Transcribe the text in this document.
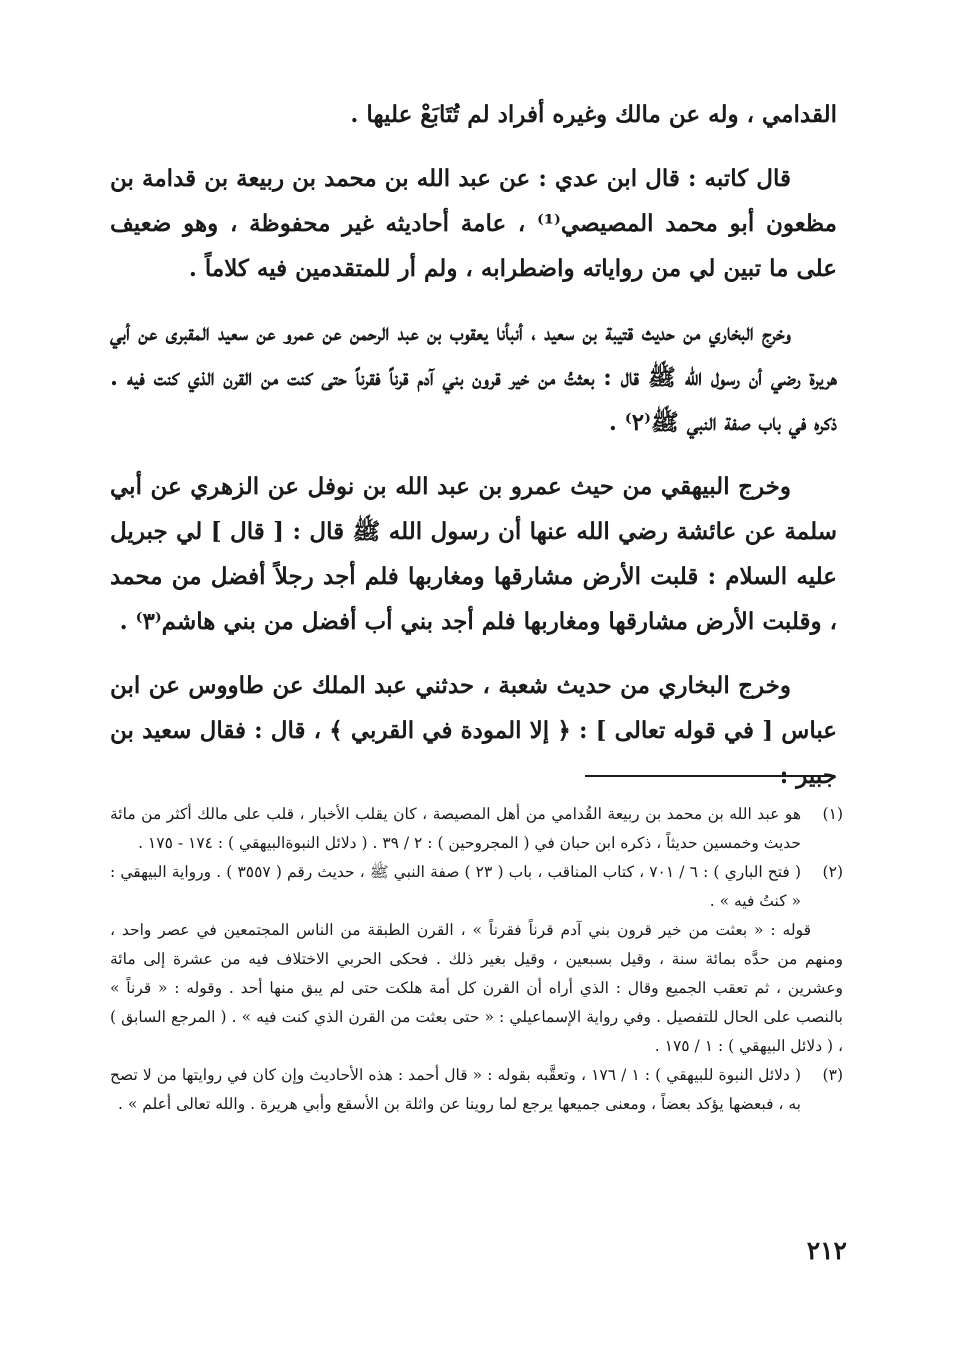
القدامي ، وله عن مالك وغيره أفراد لم تُتَابَعْ عليها .

قال كاتبه : قال ابن عدي : عن عبد الله بن محمد بن ربيعة بن قدامة بن مظعون أبو محمد المصيصي⁽¹⁾ ، عامة أحاديثه غير محفوظة ، وهو ضعيف على ما تبين لي من رواياته واضطرابه ، ولم أر للمتقدمين فيه كلاماً .

وخرج البخاري من حديث قتيبة بن سعيد ، أنبأنا يعقوب بن عبد الرحمن عن عمرو عن سعيد المقبرى عن أبي هريرة رضي أن رسول الله ﷺ قال : بعثتُ من خير قرون بني آدم قرناً فقرناً حتى كنت من القرن الذي كنت فيه . ذكره في باب صفة النبي ﷺ⁽٢⁾ .

وخرج البيهقي من حيث عمرو بن عبد الله بن نوفل عن الزهري عن أبي سلمة عن عائشة رضي الله عنها أن رسول الله ﷺ قال : [ قال ] لي جبريل عليه السلام : قلبت الأرض مشارقها ومغاربها فلم أجد رجلاً أفضل من محمد ، وقلبت الأرض مشارقها ومغاربها فلم أجد بني أب أفضل من بني هاشم⁽٣⁾ .

وخرج البخاري من حديث شعبة ، حدثني عبد الملك عن طاووس عن ابن عباس [ في قوله تعالى ] : ﴿ إلا المودة في القربي ﴾ ، قال : فقال سعيد بن جبير :

(١)

هو عبد الله بن محمد بن ربيعة القُدامي من أهل المصيصة ، كان يقلب الأخبار ، قلب على مالك أكثر من مائة حديث وخمسين حديثاً ، ذكره ابن حبان في ( المجروحين ) : ٢ / ٣٩ . ( دلائل النبوةالبيهقي ) : ١٧٤ - ١٧٥ .

(٢)

( فتح الباري ) : ٦ / ٧٠١ ، كتاب المناقب ، باب ( ٢٣ ) صفة النبي ﷺ ، حديث رقم ( ٣٥٥٧ ) . ورواية البيهقي : « كنتُ فيه » .

قوله : « بعثت من خير قرون بني آدم قرناً فقرناً » ، القرن الطبقة من الناس المجتمعين في عصر واحد ، ومنهم من حدَّه بمائة سنة ، وقيل بسبعين ، وقيل بغير ذلك . فحكى الحربي الاختلاف فيه من عشرة إلى مائة وعشرين ، ثم تعقب الجميع وقال : الذي أراه أن القرن كل أمة هلكت حتى لم يبق منها أحد . وقوله : « قرناً » بالنصب على الحال للتفصيل . وفي رواية الإسماعيلي : « حتى بعثت من القرن الذي كنت فيه » . ( المرجع السابق ) ، ( دلائل البيهقي ) : ١ / ١٧٥ .

(٣)

( دلائل النبوة للبيهقي ) : ١ / ١٧٦ ، وتعقَّبه بقوله : « قال أحمد : هذه الأحاديث وإن كان في روايتها من لا تصح به ، فبعضها يؤكد بعضاً ، ومعنى جميعها يرجع لما روينا عن واثلة بن الأسقع وأبي هريرة . والله تعالى أعلم » .

٢١٢
